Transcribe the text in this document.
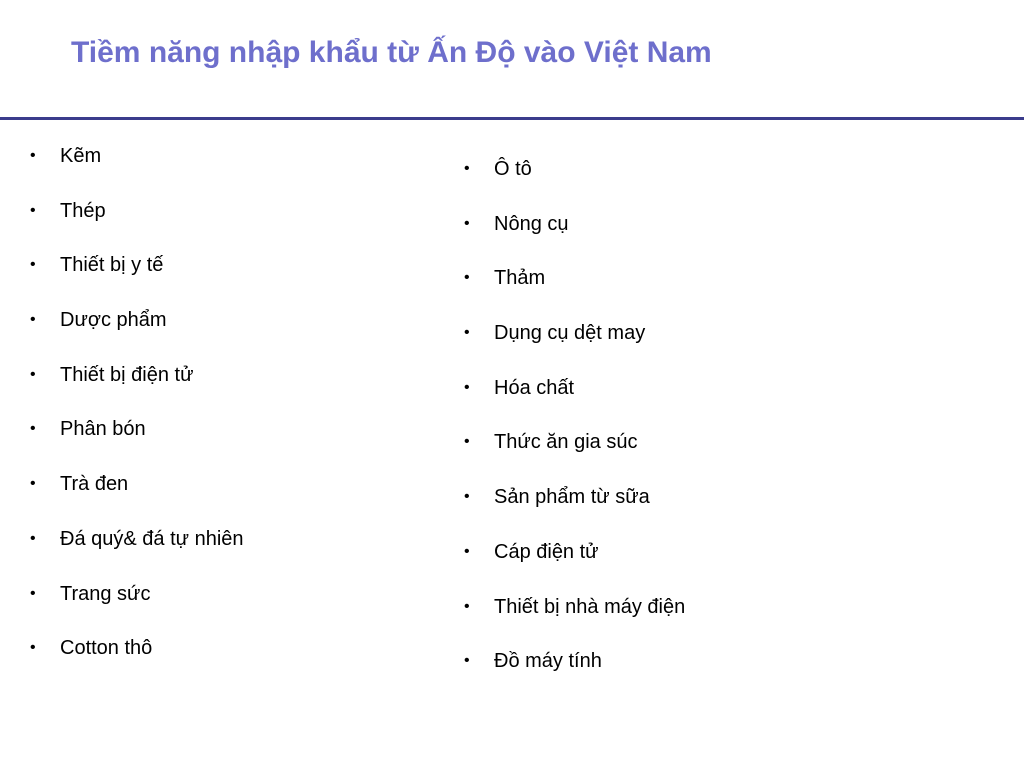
Tiềm năng nhập khẩu từ Ấn Độ vào Việt Nam
•	Kẽm
•	Thép
•	Thiết bị y tế
•	Dược phẩm
•	Thiết bị điện tử
•	Phân bón
•	Trà đen
•	Đá quý& đá tự nhiên
•	Trang sức
•	Cotton thô
•	Ô tô
•	Nông cụ
•	Thảm
•	Dụng cụ dệt may
•	Hóa chất
•	Thức ăn gia súc
•	Sản phẩm từ sữa
•	Cáp điện tử
•	Thiết bị nhà máy điện
•	Đồ máy tính
